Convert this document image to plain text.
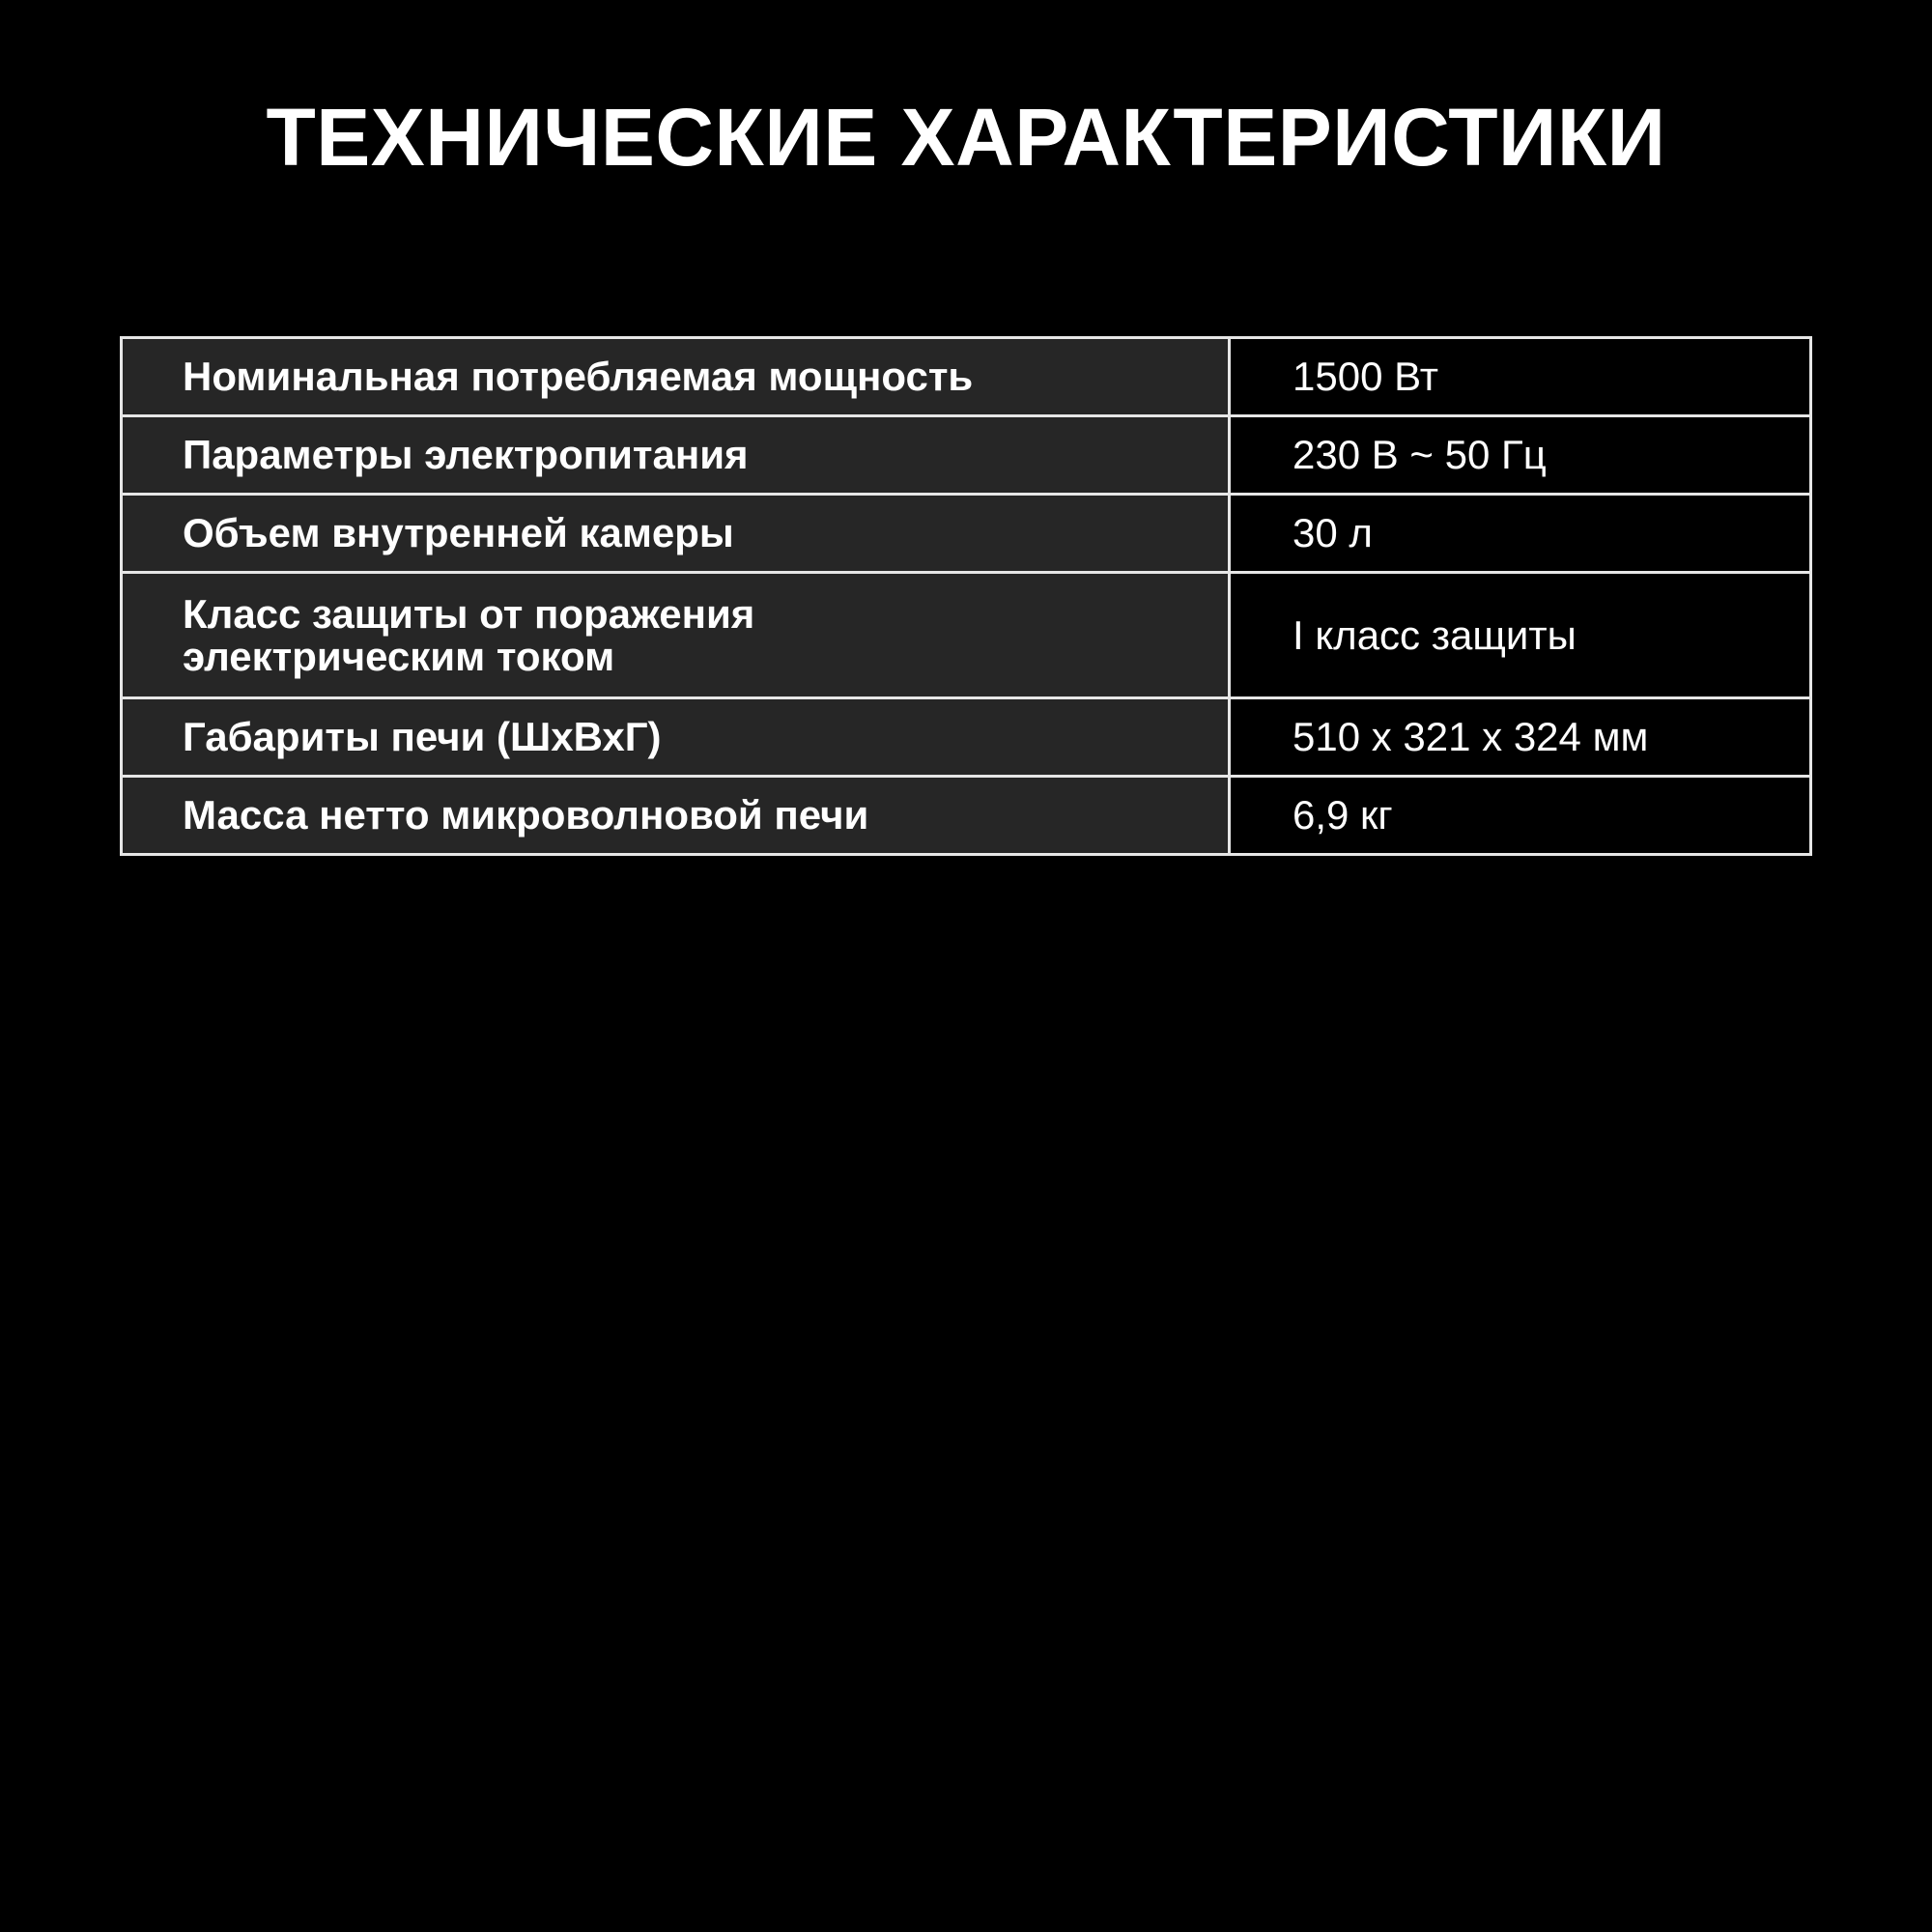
ТЕХНИЧЕСКИЕ ХАРАКТЕРИСТИКИ
Номинальная потребляемая мощность	1500 Вт
Параметры электропитания	230 В ~ 50 Гц
Объем внутренней камеры	30 л
Класс защиты от поражения
электрическим током	I класс защиты
Габариты печи (ШхВхГ)	510 х 321 х 324 мм
Масса нетто микроволновой печи	6,9 кг
